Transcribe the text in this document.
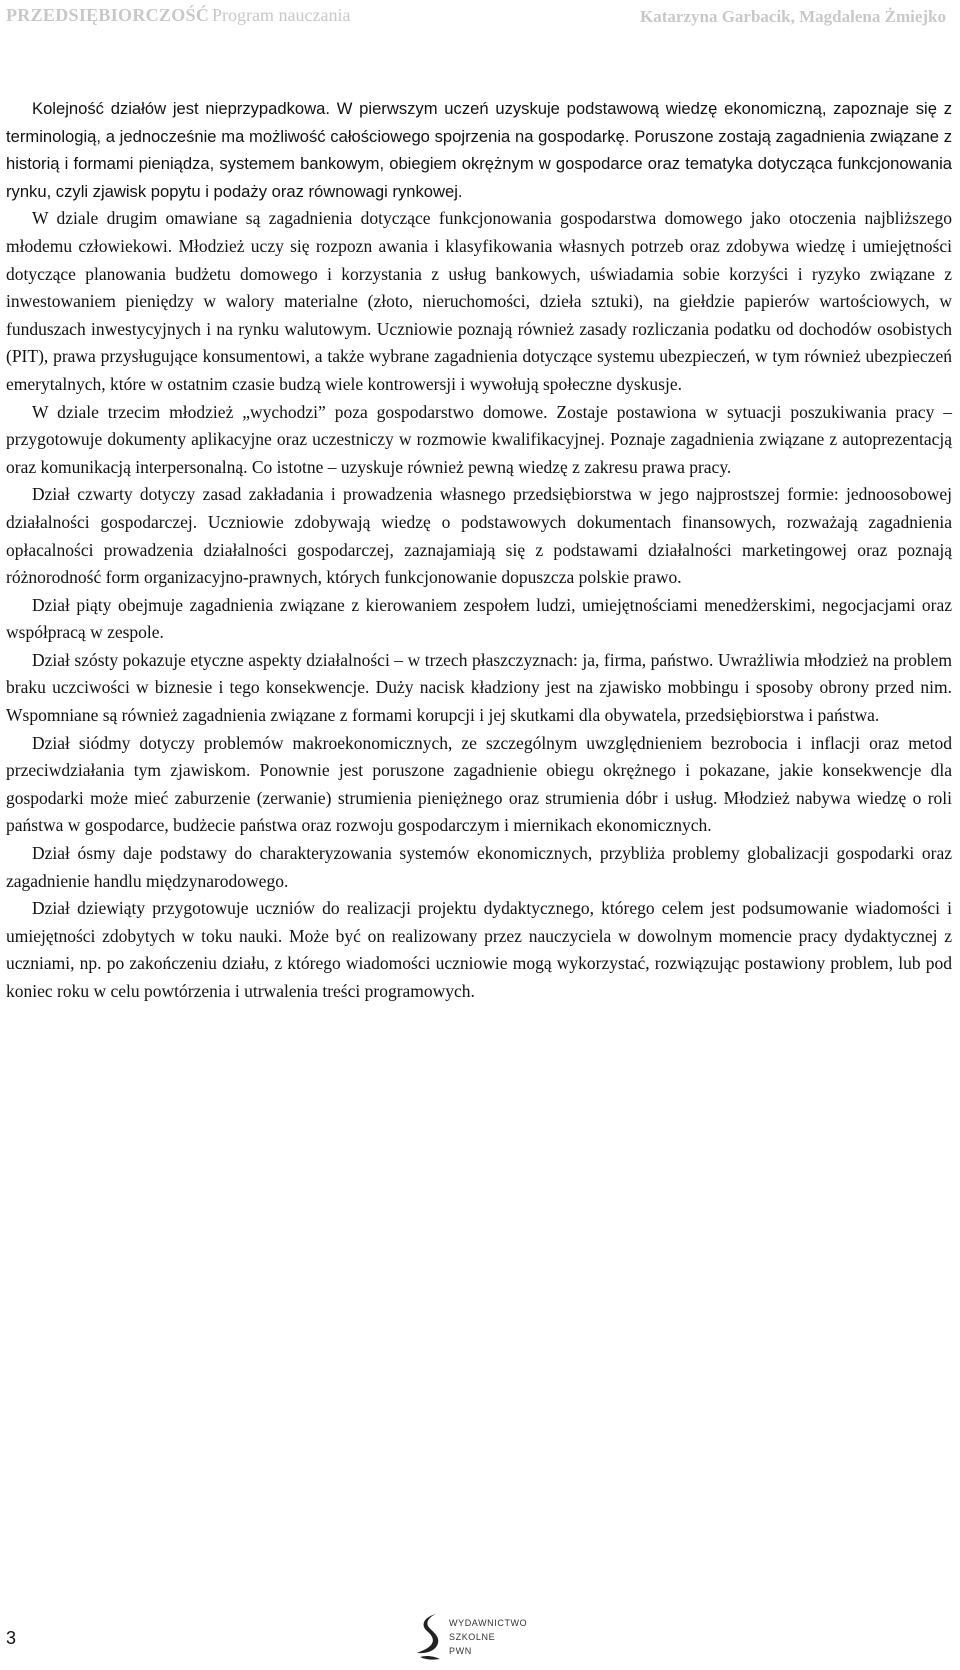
PRZEDSIĘBIORCZOŚĆ Program nauczania	Katarzyna Garbacik, Magdalena Żmiejko

Kolejność działów jest nieprzypadkowa. W pierwszym uczeń uzyskuje podstawową wiedzę ekonomiczną, zapoznaje się z terminologią, a jednocześnie ma możliwość całościowego spojrzenia na gospodarkę. Poruszone zostają zagadnienia związane z historią i formami pieniądza, systemem bankowym, obiegiem okrężnym w gospodarce oraz tematyka dotycząca funkcjonowania rynku, czyli zjawisk popytu i podaży oraz równowagi rynkowej.

W dziale drugim omawiane są zagadnienia dotyczące funkcjonowania gospodarstwa domowego jako otoczenia najbliższego młodemu człowiekowi. Młodzież uczy się rozpozn awania i klasyfikowania własnych potrzeb oraz zdobywa wiedzę i umiejętności dotyczące planowania budżetu domowego i korzystania z usług bankowych, uświadamia sobie korzyści i ryzyko związane z inwestowaniem pieniędzy w walory materialne (złoto, nieruchomości, dzieła sztuki), na giełdzie papierów wartościowych, w funduszach inwestycyjnych i na rynku walutowym. Uczniowie poznają również zasady rozliczania podatku od dochodów osobistych (PIT), prawa przysługujące konsumentowi, a także wybrane zagadnienia dotyczące systemu ubezpieczeń, w tym również ubezpieczeń emerytalnych, które w ostatnim czasie budzą wiele kontrowersji i wywołują społeczne dyskusje.

W dziale trzecim młodzież „wychodzi” poza gospodarstwo domowe. Zostaje postawiona w sytuacji poszukiwania pracy – przygotowuje dokumenty aplikacyjne oraz uczestniczy w rozmowie kwalifikacyjnej. Poznaje zagadnienia związane z autoprezentacją oraz komunikacją interpersonalną. Co istotne – uzyskuje również pewną wiedzę z zakresu prawa pracy.

Dział czwarty dotyczy zasad zakładania i prowadzenia własnego przedsiębiorstwa w jego najprostszej formie: jednoosobowej działalności gospodarczej. Uczniowie zdobywają wiedzę o podstawowych dokumentach finansowych, rozważają zagadnienia opłacalności prowadzenia działalności gospodarczej, zaznajamiają się z podstawami działalności marketingowej oraz poznają różnorodność form organizacyjno-prawnych, których funkcjonowanie dopuszcza polskie prawo.

Dział piąty obejmuje zagadnienia związane z kierowaniem zespołem ludzi, umiejętnościami menedżerskimi, negocjacjami oraz współpracą w zespole.

Dział szósty pokazuje etyczne aspekty działalności – w trzech płaszczyznach: ja, firma, państwo. Uwrażliwia młodzież na problem braku uczciwości w biznesie i tego konsekwencje. Duży nacisk kładziony jest na zjawisko mobbingu i sposoby obrony przed nim. Wspomniane są również zagadnienia związane z formami korupcji i jej skutkami dla obywatela, przedsiębiorstwa i państwa.

Dział siódmy dotyczy problemów makroekonomicznych, ze szczególnym uwzględnieniem bezrobocia i inflacji oraz metod przeciwdziałania tym zjawiskom. Ponownie jest poruszone zagadnienie obiegu okrężnego i pokazane, jakie konsekwencje dla gospodarki może mieć zaburzenie (zerwanie) strumienia pieniężnego oraz strumienia dóbr i usług. Młodzież nabywa wiedzę o roli państwa w gospodarce, budżecie państwa oraz rozwoju gospodarczym i miernikach ekonomicznych.

Dział ósmy daje podstawy do charakteryzowania systemów ekonomicznych, przybliża problemy globalizacji gospodarki oraz zagadnienie handlu międzynarodowego.

Dział dziewiąty przygotowuje uczniów do realizacji projektu dydaktycznego, którego celem jest podsumowanie wiadomości i umiejętności zdobytych w toku nauki. Może być on realizowany przez nauczyciela w dowolnym momencie pracy dydaktycznej z uczniami, np. po zakończeniu działu, z którego wiadomości uczniowie mogą wykorzystać, rozwiązując postawiony problem, lub pod koniec roku w celu powtórzenia i utrwalenia treści programowych.

3
WYDAWNICTWO
SZKOLNE
PWN
